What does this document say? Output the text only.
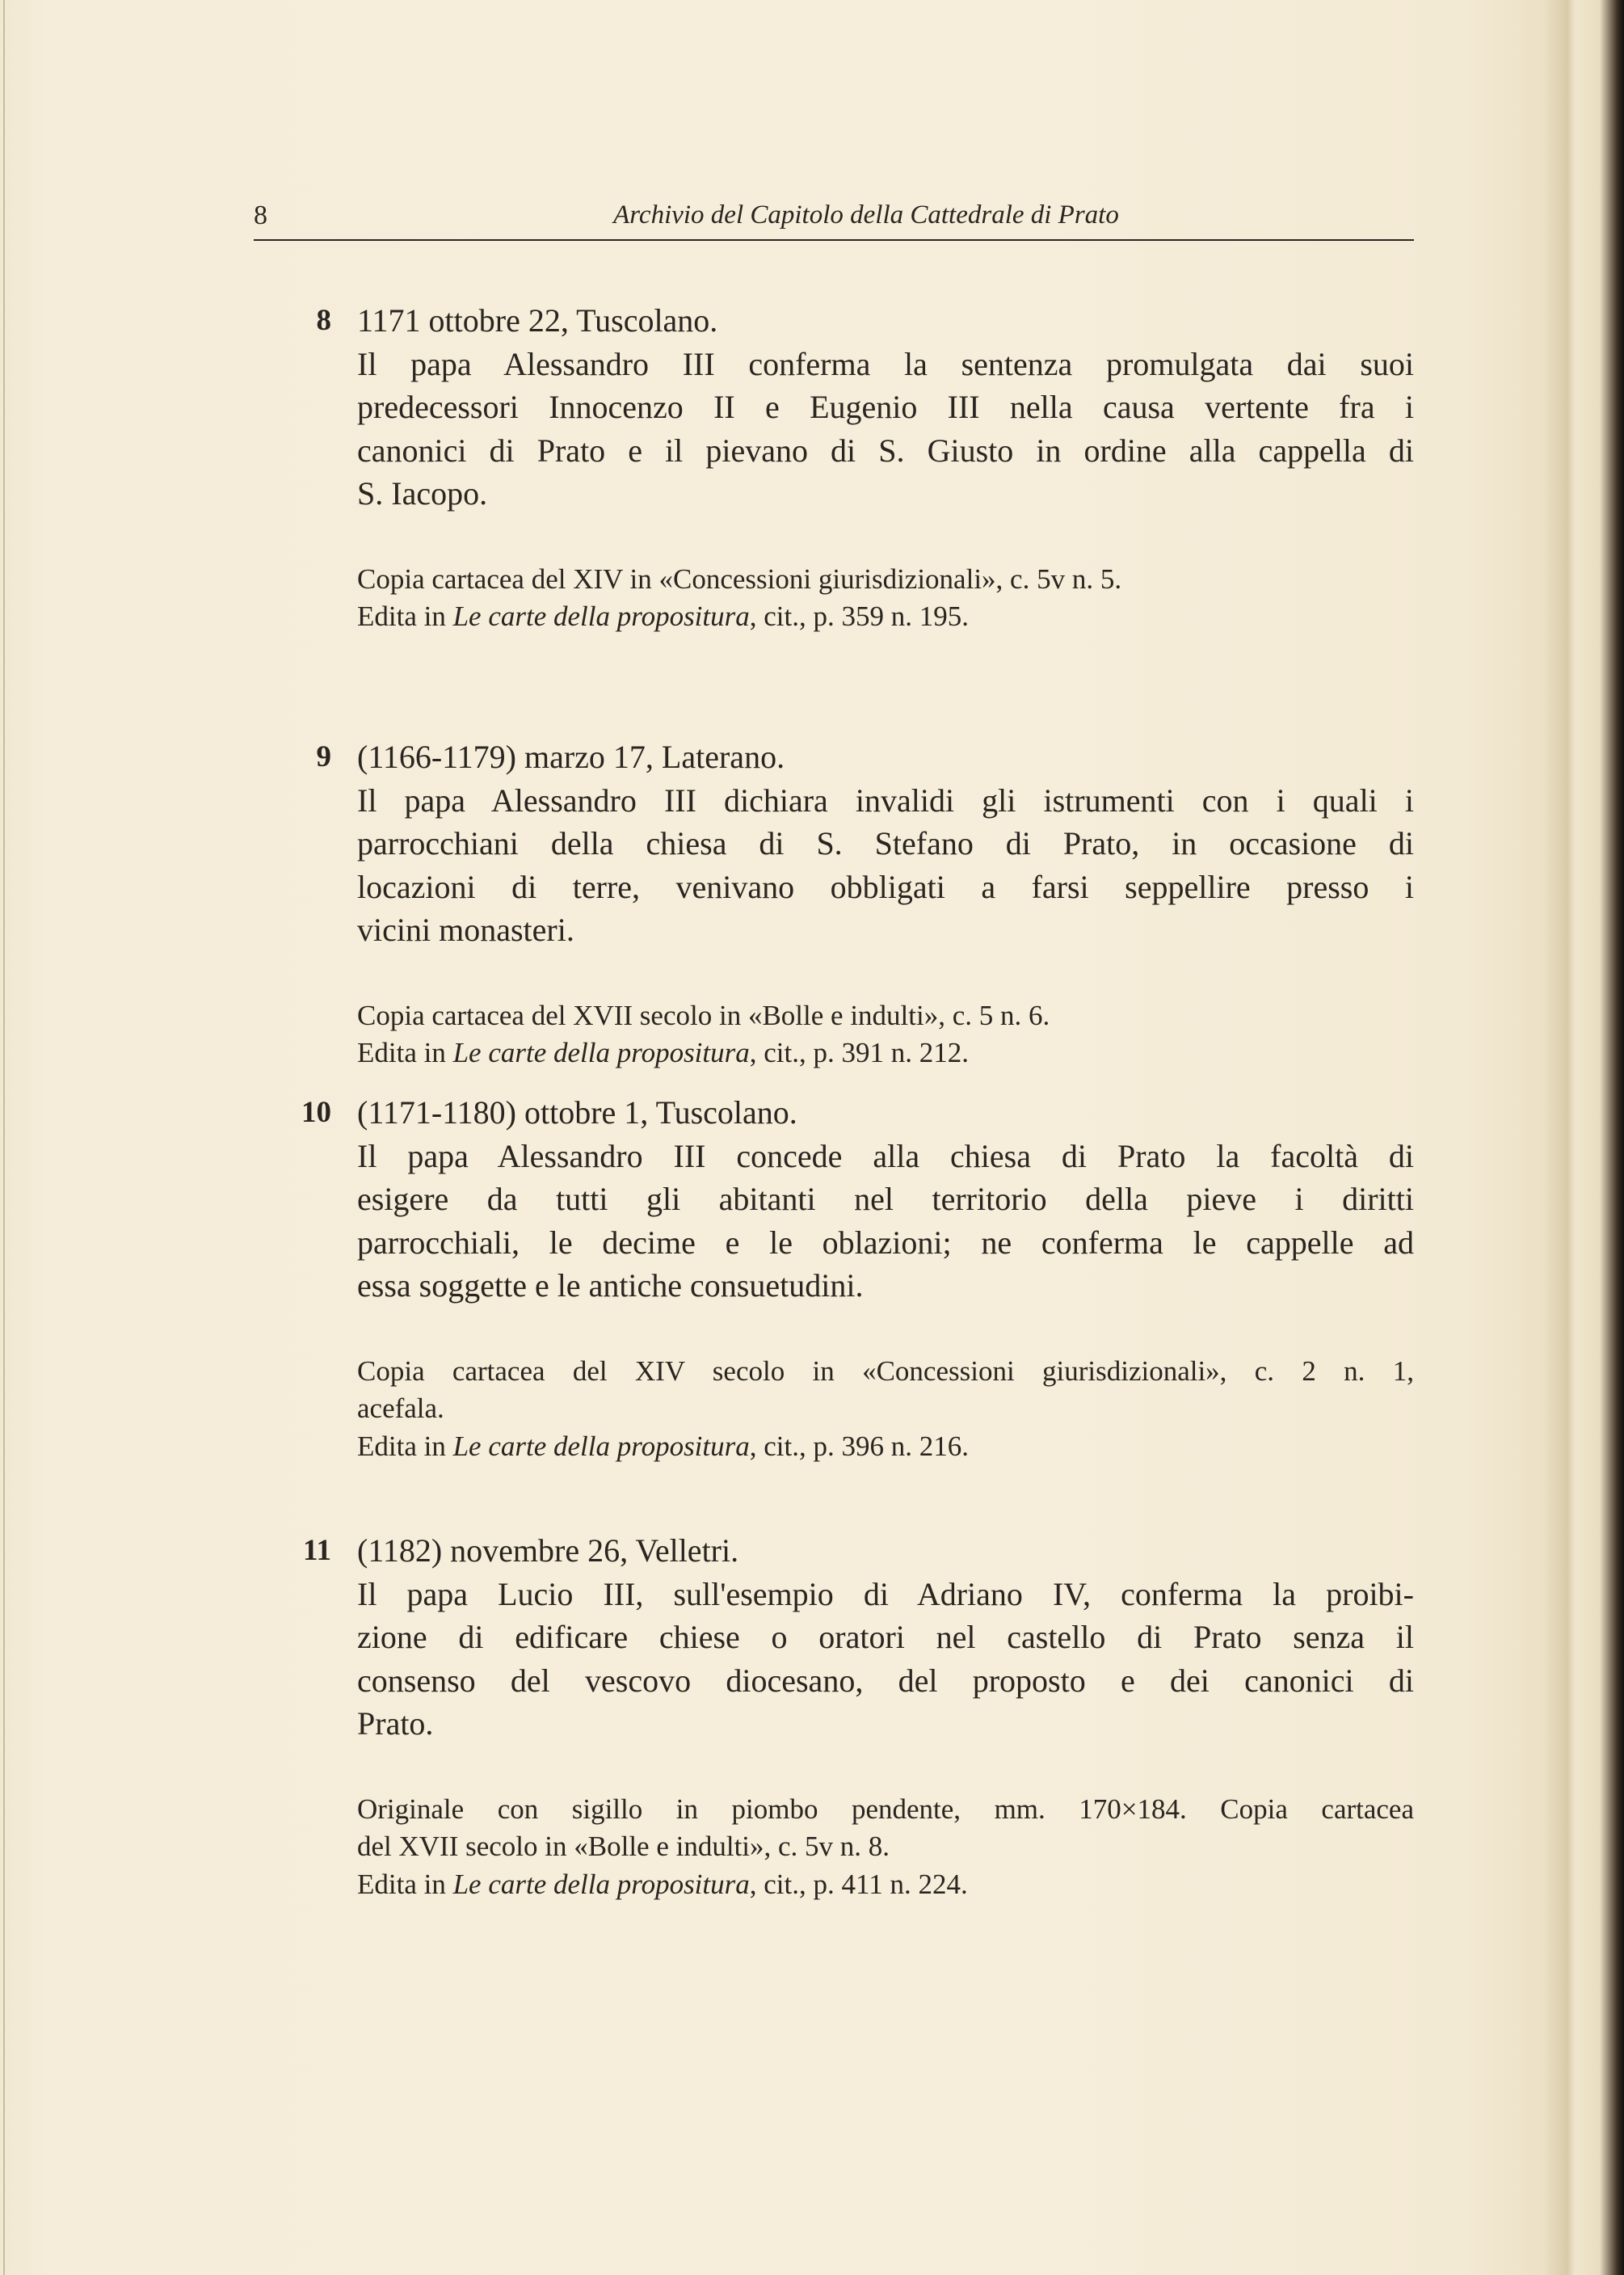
8	Archivio del Capitolo della Cattedrale di Prato
8 1171 ottobre 22, Tuscolano.
Il papa Alessandro III conferma la sentenza promulgata dai suoi
predecessori Innocenzo II e Eugenio III nella causa vertente fra i
canonici di Prato e il pievano di S. Giusto in ordine alla cappella di
S. Iacopo.
Copia cartacea del XIV in «Concessioni giurisdizionali», c. 5v n. 5.
Edita in Le carte della propositura, cit., p. 359 n. 195.
9 (1166-1179) marzo 17, Laterano.
Il papa Alessandro III dichiara invalidi gli istrumenti con i quali i
parrocchiani della chiesa di S. Stefano di Prato, in occasione di
locazioni di terre, venivano obbligati a farsi seppellire presso i
vicini monasteri.
Copia cartacea del XVII secolo in «Bolle e indulti», c. 5 n. 6.
Edita in Le carte della propositura, cit., p. 391 n. 212.
10 (1171-1180) ottobre 1, Tuscolano.
Il papa Alessandro III concede alla chiesa di Prato la facoltà di
esigere da tutti gli abitanti nel territorio della pieve i diritti
parrocchiali, le decime e le oblazioni; ne conferma le cappelle ad
essa soggette e le antiche consuetudini.
Copia cartacea del XIV secolo in «Concessioni giurisdizionali», c. 2 n. 1,
acefala.
Edita in Le carte della propositura, cit., p. 396 n. 216.
11 (1182) novembre 26, Velletri.
Il papa Lucio III, sull'esempio di Adriano IV, conferma la proibi-
zione di edificare chiese o oratori nel castello di Prato senza il
consenso del vescovo diocesano, del proposto e dei canonici di
Prato.
Originale con sigillo in piombo pendente, mm. 170×184. Copia cartacea
del XVII secolo in «Bolle e indulti», c. 5v n. 8.
Edita in Le carte della propositura, cit., p. 411 n. 224.
